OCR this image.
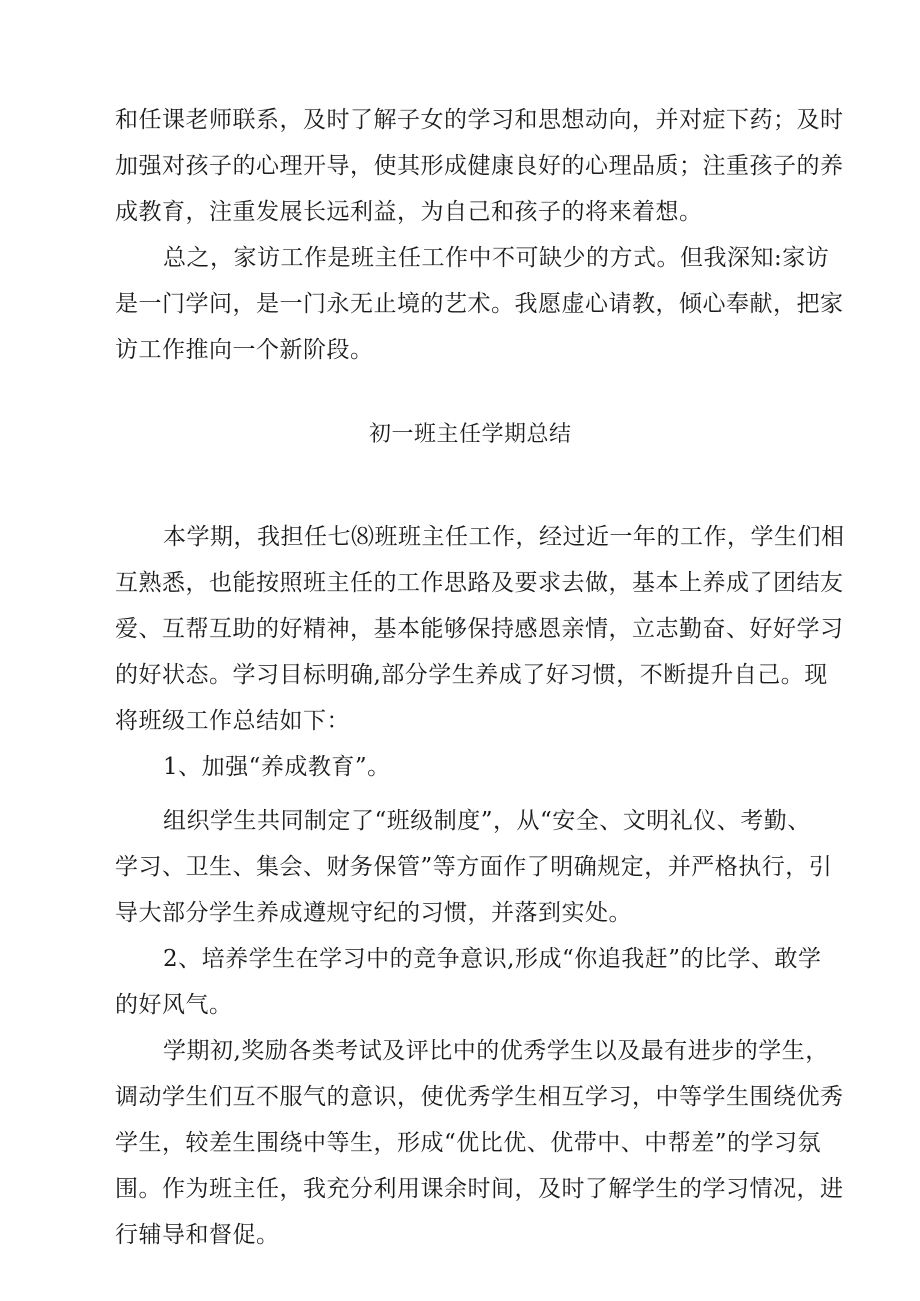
和任课老师联系，及时了解子女的学习和思想动向，并对症下药；及时
加强对孩子的心理开导，使其形成健康良好的心理品质；注重孩子的养
成教育，注重发展长远利益，为自己和孩子的将来着想。
总之，家访工作是班主任工作中不可缺少的方式。但我深知:家访
是一门学问，是一门永无止境的艺术。我愿虚心请教，倾心奉献，把家
访工作推向一个新阶段。
初一班主任学期总结
本学期，我担任七⑻班班主任工作，经过近一年的工作，学生们相
互熟悉，也能按照班主任的工作思路及要求去做，基本上养成了团结友
爱、互帮互助的好精神，基本能够保持感恩亲情，立志勤奋、好好学习
的好状态。学习目标明确,部分学生养成了好习惯，不断提升自己。现
将班级工作总结如下：
1、加强“养成教育”。
组织学生共同制定了“班级制度”，从“安全、文明礼仪、考勤、
学习、卫生、集会、财务保管”等方面作了明确规定，并严格执行，引
导大部分学生养成遵规守纪的习惯，并落到实处。
2、培养学生在学习中的竞争意识,形成“你追我赶”的比学、敢学
的好风气。
学期初,奖励各类考试及评比中的优秀学生以及最有进步的学生，
调动学生们互不服气的意识，使优秀学生相互学习，中等学生围绕优秀
学生，较差生围绕中等生，形成“优比优、优带中、中帮差”的学习氛
围。作为班主任，我充分利用课余时间，及时了解学生的学习情况，进
行辅导和督促。
